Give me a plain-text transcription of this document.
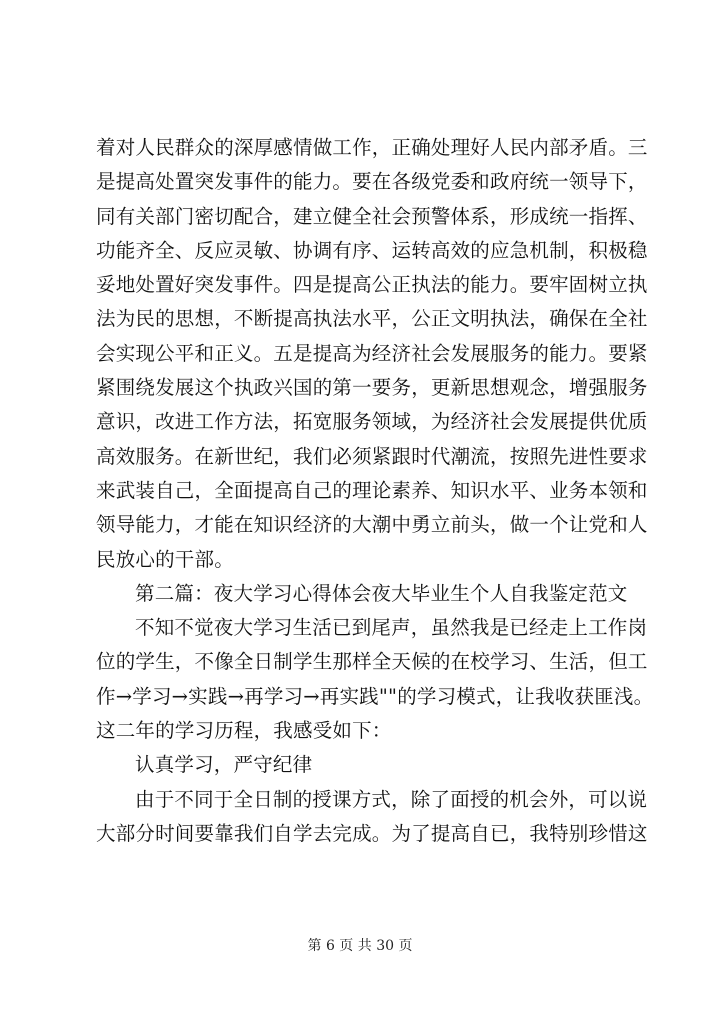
着对人民群众的深厚感情做工作，正确处理好人民内部矛盾。三
是提高处置突发事件的能力。要在各级党委和政府统一领导下，
同有关部门密切配合，建立健全社会预警体系，形成统一指挥、
功能齐全、反应灵敏、协调有序、运转高效的应急机制，积极稳
妥地处置好突发事件。四是提高公正执法的能力。要牢固树立执
法为民的思想，不断提高执法水平，公正文明执法，确保在全社
会实现公平和正义。五是提高为经济社会发展服务的能力。要紧
紧围绕发展这个执政兴国的第一要务，更新思想观念，增强服务
意识，改进工作方法，拓宽服务领域，为经济社会发展提供优质
高效服务。在新世纪，我们必须紧跟时代潮流，按照先进性要求
来武装自己，全面提高自己的理论素养、知识水平、业务本领和
领导能力，才能在知识经济的大潮中勇立前头，做一个让党和人
民放心的干部。
第二篇：夜大学习心得体会夜大毕业生个人自我鉴定范文
不知不觉夜大学习生活已到尾声，虽然我是已经走上工作岗
位的学生，不像全日制学生那样全天候的在校学习、生活，但工
作→学习→实践→再学习→再实践""的学习模式，让我收获匪浅。
这二年的学习历程，我感受如下：
认真学习，严守纪律
由于不同于全日制的授课方式，除了面授的机会外，可以说
大部分时间要靠我们自学去完成。为了提高自已，我特别珍惜这
第 6 页 共 30 页
